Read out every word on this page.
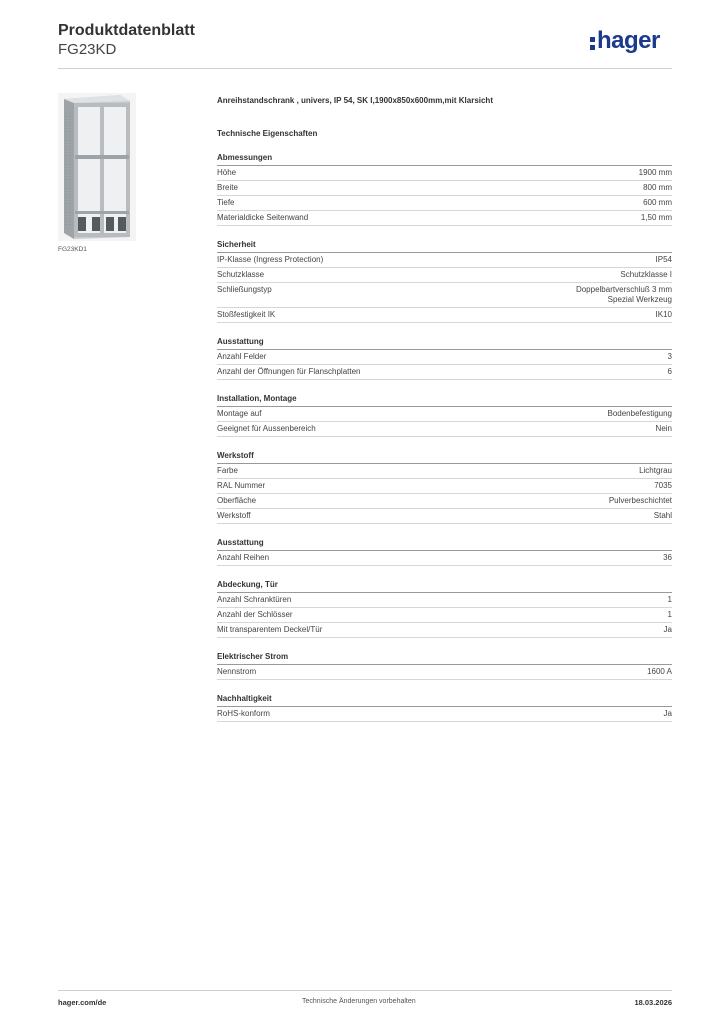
Produktdatenblatt
FG23KD	hager
FG23KD1
Anreihstandschrank , univers, IP 54, SK I,1900x850x600mm,mit Klarsicht
Technische Eigenschaften
Abmessungen
Höhe	1900 mm
Breite	800 mm
Tiefe	600 mm
Materialdicke Seitenwand	1,50 mm
Sicherheit
IP-Klasse (Ingress Protection)	IP54
Schutzklasse	Schutzklasse I
Schließungstyp	Doppelbartverschluß 3 mm
Spezial Werkzeug
Stoßfestigkeit IK	IK10
Ausstattung
Anzahl Felder	3
Anzahl der Öffnungen für Flanschplatten	6
Installation, Montage
Montage auf	Bodenbefestigung
Geeignet für Aussenbereich	Nein
Werkstoff
Farbe	Lichtgrau
RAL Nummer	7035
Oberfläche	Pulverbeschichtet
Werkstoff	Stahl
Ausstattung
Anzahl Reihen	36
Abdeckung, Tür
Anzahl Schranktüren	1
Anzahl der Schlösser	1
Mit transparentem Deckel/Tür	Ja
Elektrischer Strom
Nennstrom	1600 A
Nachhaltigkeit
RoHS-konform	Ja
hager.com/de	Technische Änderungen vorbehalten	18.03.2026
